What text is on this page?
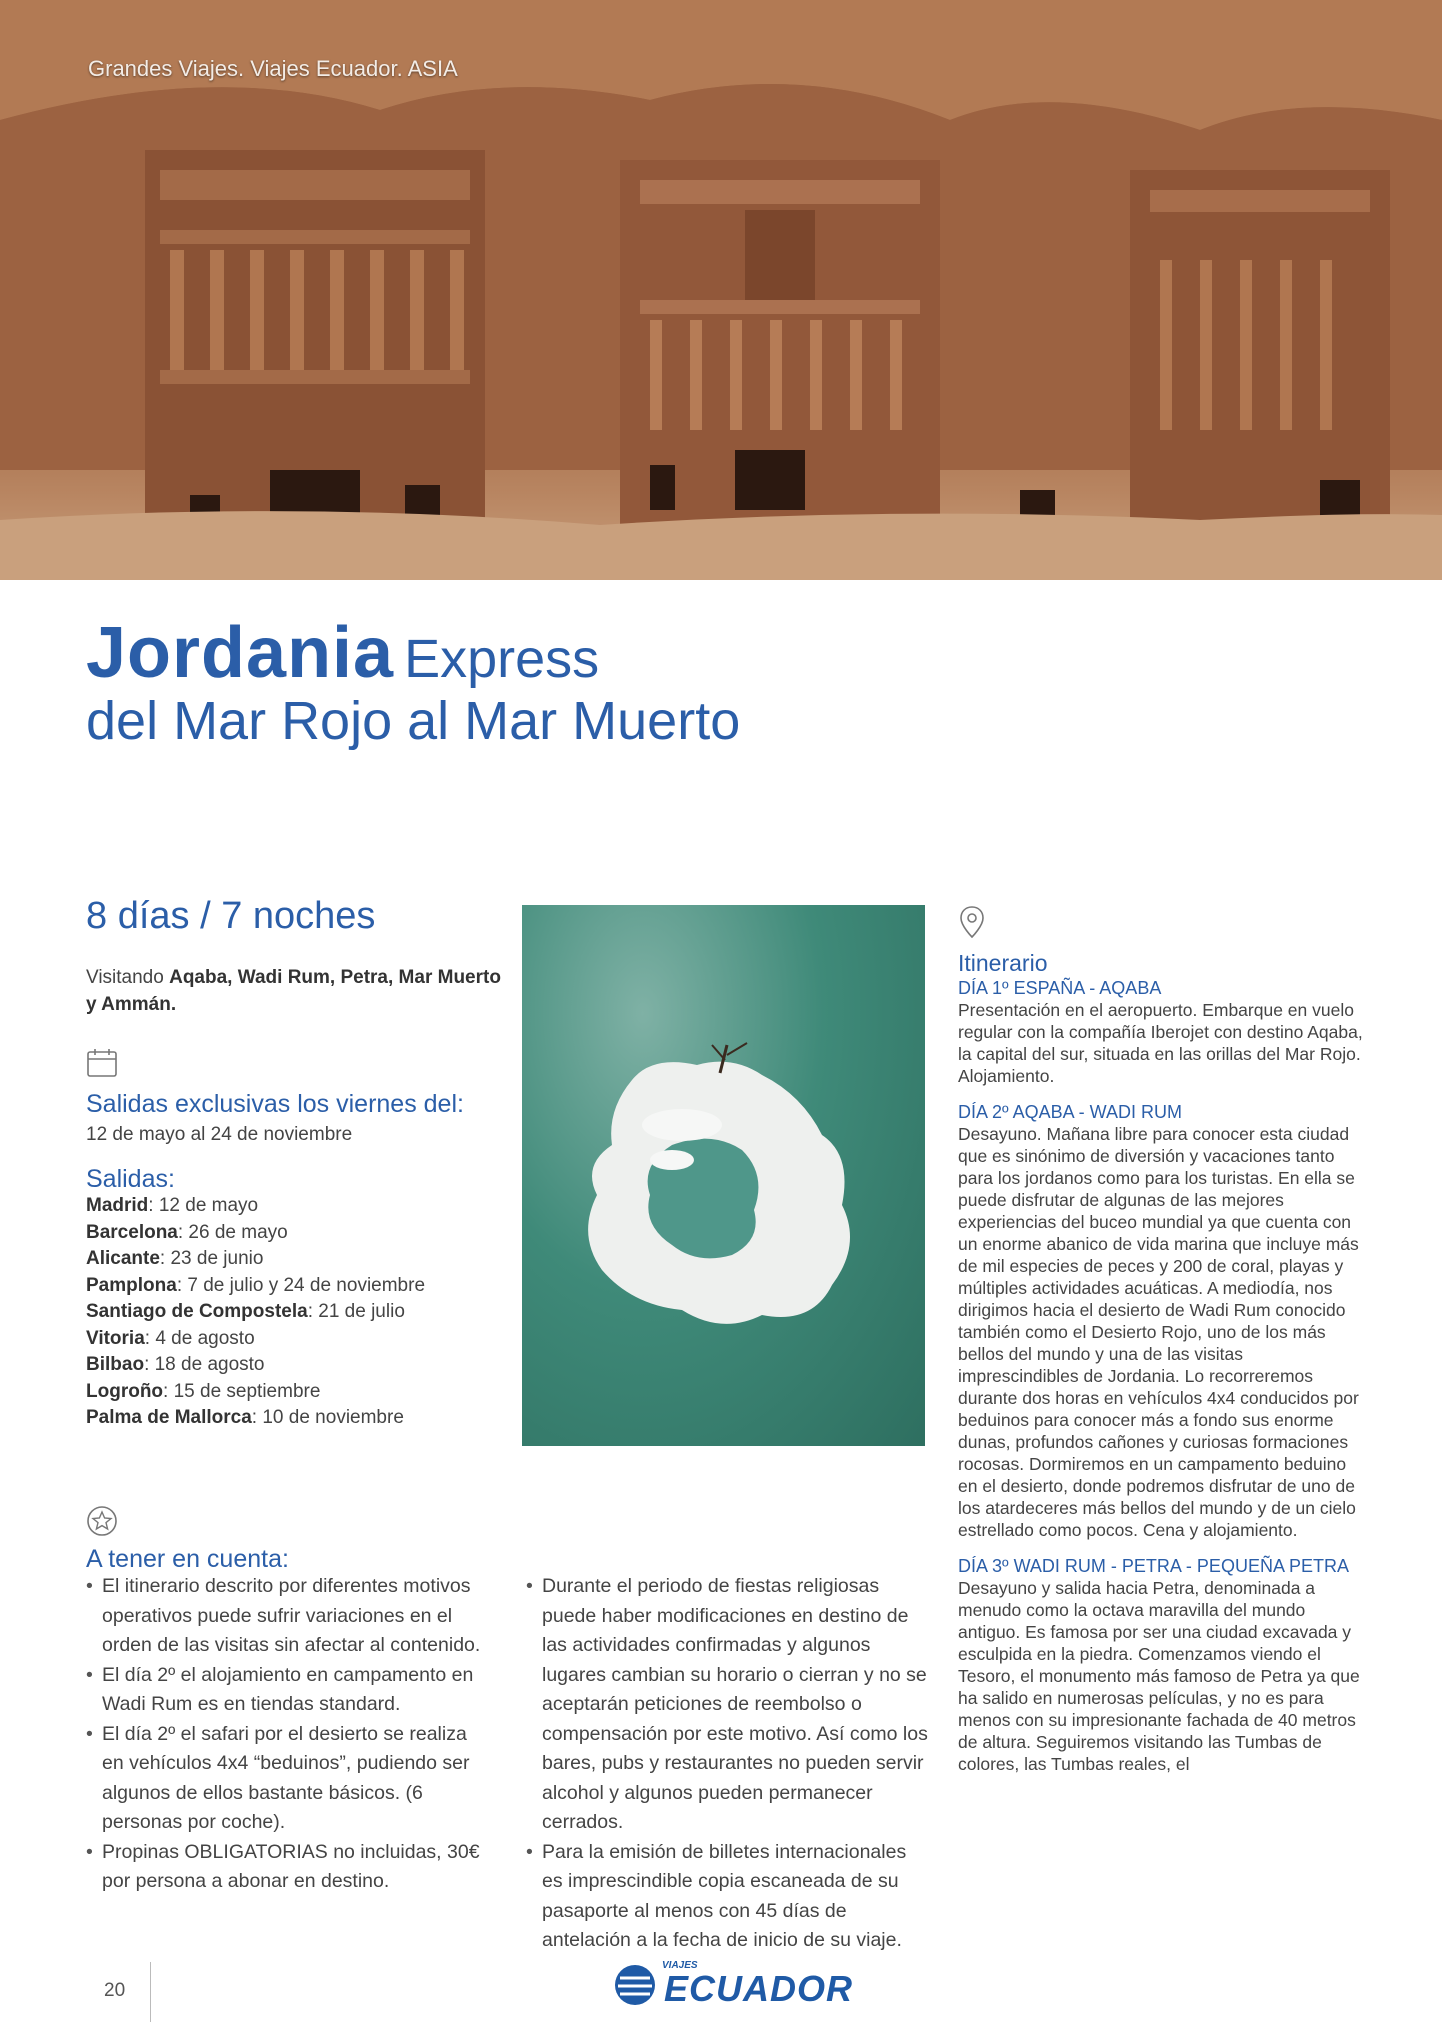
Grandes Viajes. Viajes Ecuador. ASIA
Jordania Express
del Mar Rojo al Mar Muerto
8 días / 7 noches

Visitando Aqaba, Wadi Rum, Petra, Mar Muerto y Ammán.

Salidas exclusivas los viernes del:
12 de mayo al 24 de noviembre
Salidas:
Madrid: 12 de mayo
Barcelona: 26 de mayo
Alicante: 23 de junio
Pamplona: 7 de julio y 24 de noviembre
Santiago de Compostela: 21 de julio
Vitoria: 4 de agosto
Bilbao: 18 de agosto
Logroño: 15 de septiembre
Palma de Mallorca: 10 de noviembre
A tener en cuenta:
• El itinerario descrito por diferentes motivos operativos puede sufrir variaciones en el orden de las visitas sin afectar al contenido.
• El día 2º el alojamiento en campamento en Wadi Rum es en tiendas standard.
• El día 2º el safari por el desierto se realiza en vehículos 4x4 “beduinos”, pudiendo ser algunos de ellos bastante básicos. (6 personas por coche).
• Propinas OBLIGATORIAS no incluidas, 30€ por persona a abonar en destino.
• Durante el periodo de fiestas religiosas puede haber modificaciones en destino de las actividades confirmadas y algunos lugares cambian su horario o cierran y no se aceptarán peticiones de reembolso o compensación por este motivo. Así como los bares, pubs y restaurantes no pueden servir alcohol y algunos pueden permanecer cerrados.
• Para la emisión de billetes internacionales es imprescindible copia escaneada de su pasaporte al menos con 45 días de antelación a la fecha de inicio de su viaje.
Itinerario
DÍA 1º ESPAÑA - AQABA

Presentación en el aeropuerto. Embarque en vuelo regular con la compañía Iberojet con destino Aqaba, la capital del sur, situada en las orillas del Mar Rojo. Alojamiento.

DÍA 2º AQABA - WADI RUM

Desayuno. Mañana libre para conocer esta ciudad que es sinónimo de diversión y vacaciones tanto para los jordanos como para los turistas. En ella se puede disfrutar de algunas de las mejores experiencias del buceo mundial ya que cuenta con un enorme abanico de vida marina que incluye más de mil especies de peces y 200 de coral, playas y múltiples actividades acuáticas. A mediodía, nos dirigimos hacia el desierto de Wadi Rum conocido también como el Desierto Rojo, uno de los más bellos del mundo y una de las visitas imprescindibles de Jordania. Lo recorreremos durante dos horas en vehículos 4x4 conducidos por beduinos para conocer más a fondo sus enorme dunas, profundos cañones y curiosas formaciones rocosas. Dormiremos en un campamento beduino en el desierto, donde podremos disfrutar de uno de los atardeceres más bellos del mundo y de un cielo estrellado como pocos. Cena y alojamiento.

DÍA 3º WADI RUM - PETRA - PEQUEÑA PETRA

Desayuno y salida hacia Petra, denominada a menudo como la octava maravilla del mundo antiguo. Es famosa por ser una ciudad excavada y esculpida en la piedra. Comenzamos viendo el Tesoro, el monumento más famoso de Petra ya que ha salido en numerosas películas, y no es para menos con su impresionante fachada de 40 metros de altura. Seguiremos visitando las Tumbas de colores, las Tumbas reales, el

20
VIAJES
ECUADOR
